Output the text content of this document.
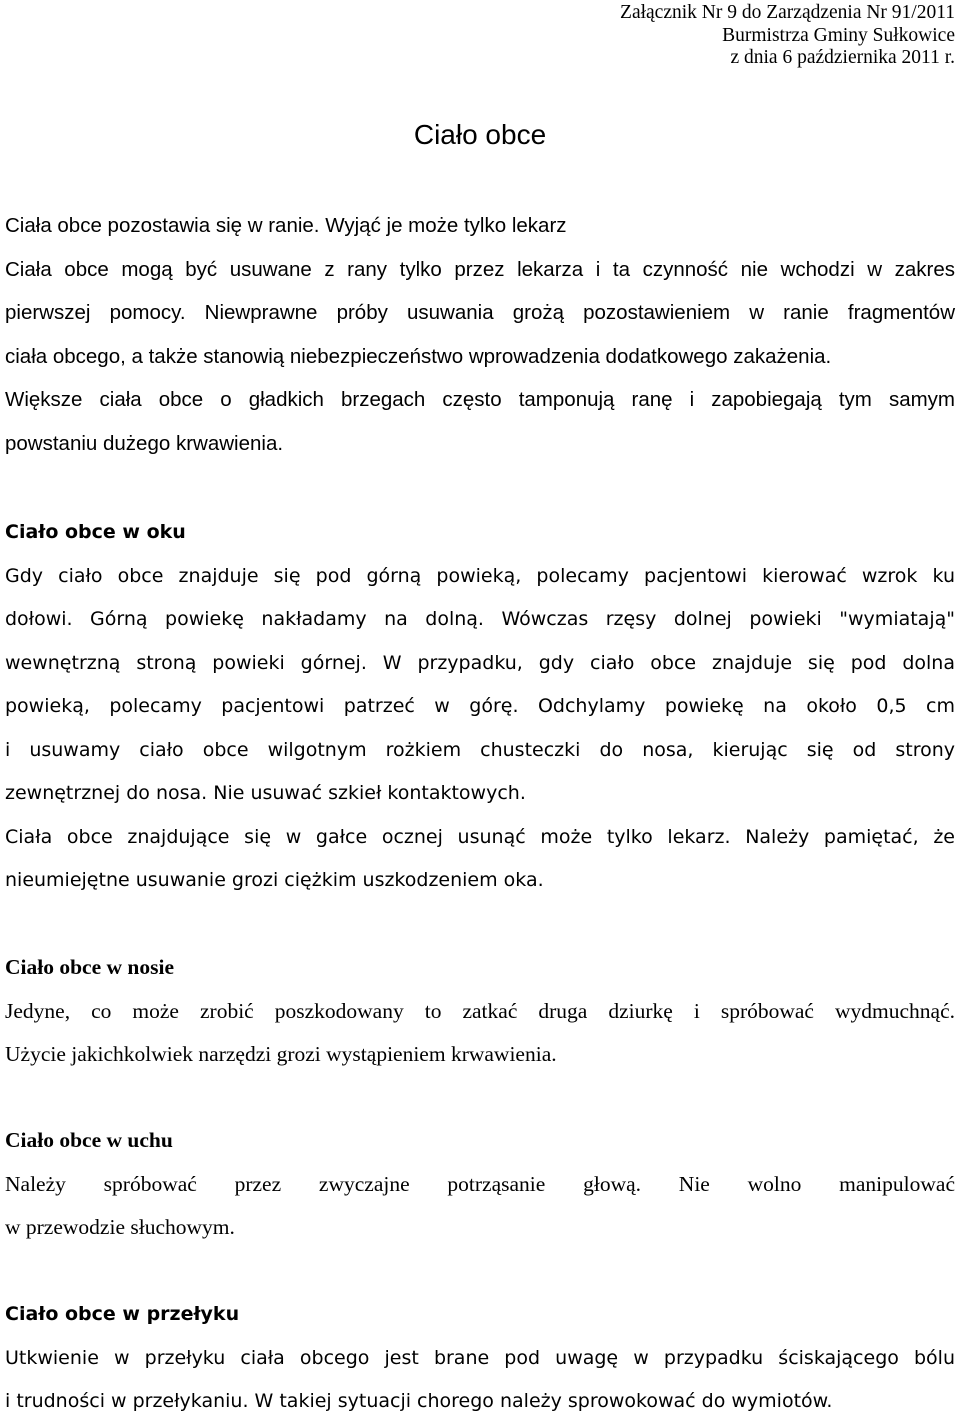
Załącznik Nr 9 do Zarządzenia Nr 91/2011
Burmistrza Gminy Sułkowice
z dnia 6 października 2011 r.
Ciało obce
Ciała obce pozostawia się w ranie. Wyjąć je może tylko lekarz
Ciała obce mogą być usuwane z rany tylko przez lekarza i ta czynność nie wchodzi w zakres
pierwszej pomocy. Niewprawne próby usuwania grożą pozostawieniem w ranie fragmentów
ciała obcego, a także stanowią niebezpieczeństwo wprowadzenia dodatkowego zakażenia.
Większe ciała obce o gładkich brzegach często tamponują ranę i zapobiegają tym samym
powstaniu dużego krwawienia.
Ciało obce w oku
Gdy ciało obce znajduje się pod górną powieką, polecamy pacjentowi kierować wzrok ku
dołowi. Górną powiekę nakładamy na dolną. Wówczas rzęsy dolnej powieki "wymiatają"
wewnętrzną stroną powieki górnej. W przypadku, gdy ciało obce znajduje się pod dolna
powieką, polecamy pacjentowi patrzeć w górę. Odchylamy powiekę na około 0,5 cm
i usuwamy ciało obce wilgotnym rożkiem chusteczki do nosa, kierując się od strony
zewnętrznej do nosa. Nie usuwać szkieł kontaktowych.
Ciała obce znajdujące się w gałce ocznej usunąć może tylko lekarz. Należy pamiętać, że
nieumiejętne usuwanie grozi ciężkim uszkodzeniem oka.
Ciało obce w nosie
Jedyne, co może zrobić poszkodowany to zatkać druga dziurkę i spróbować wydmuchnąć.
Użycie jakichkolwiek narzędzi grozi wystąpieniem krwawienia.
Ciało obce w uchu
Należy spróbować przez zwyczajne potrząsanie głową. Nie wolno manipulować
w przewodzie słuchowym.
Ciało obce w przełyku
Utkwienie w przełyku ciała obcego jest brane pod uwagę w przypadku ściskającego bólu
i trudności w przełykaniu. W takiej sytuacji chorego należy sprowokować do wymiotów.
